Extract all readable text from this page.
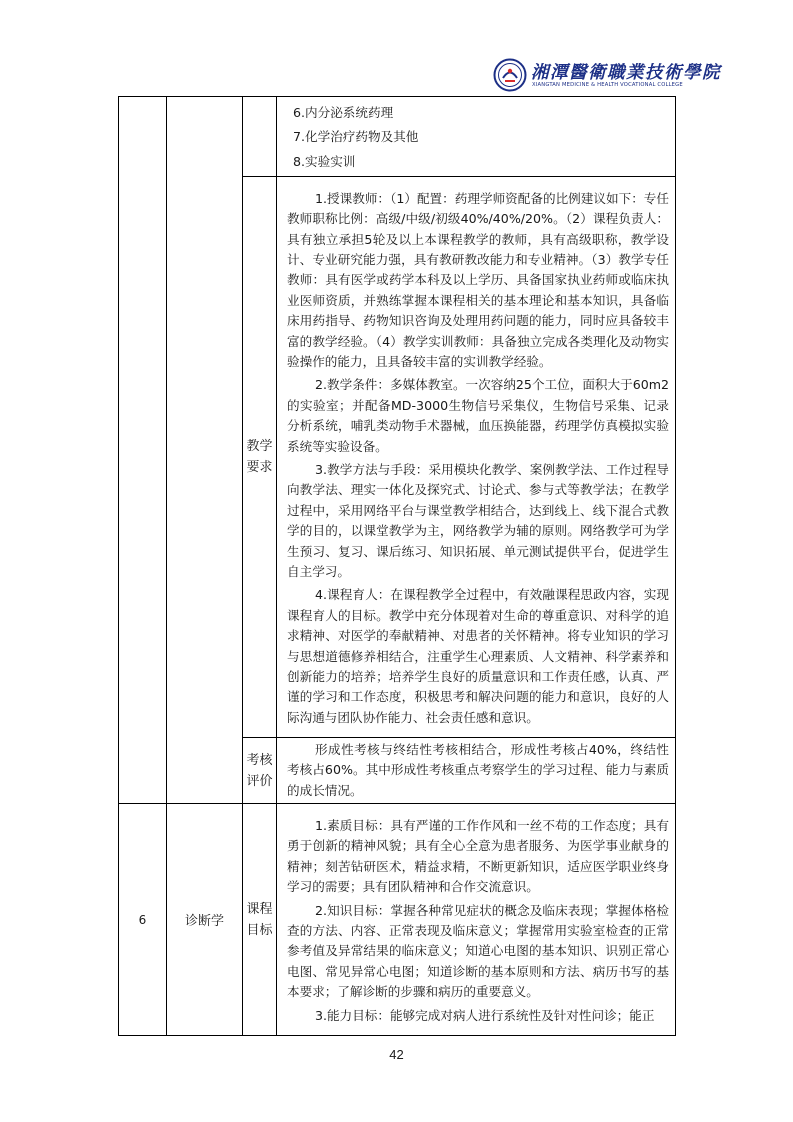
湘潭醫衛職業技術學院
XIANGTAN MEDICINE & HEALTH VOCATIONAL COLLEGE

			6.内分泌系统药理

7.化学治疗药物及其他

8.实验实训

		教学要求	1.授课教师：（1）配置：药理学师资配备的比例建议如下：专任教师职称比例：高级/中级/初级40%/40%/20%。（2）课程负责人：具有独立承担5轮及以上本课程教学的教师，具有高级职称，教学设计、专业研究能力强，具有教研教改能力和专业精神。（3）教学专任教师：具有医学或药学本科及以上学历、具备国家执业药师或临床执业医师资质，并熟练掌握本课程相关的基本理论和基本知识，具备临床用药指导、药物知识咨询及处理用药问题的能力，同时应具备较丰富的教学经验。（4）教学实训教师：具备独立完成各类理化及动物实验操作的能力，且具备较丰富的实训教学经验。

2.教学条件：多媒体教室。一次容纳25个工位，面积大于60m2的实验室；并配备MD-3000生物信号采集仪，生物信号采集、记录分析系统，哺乳类动物手术器械，血压换能器，药理学仿真模拟实验系统等实验设备。

3.教学方法与手段：采用模块化教学、案例教学法、工作过程导向教学法、理实一体化及探究式、讨论式、参与式等教学法；在教学过程中，采用网络平台与课堂教学相结合，达到线上、线下混合式教学的目的，以课堂教学为主，网络教学为辅的原则。网络教学可为学生预习、复习、课后练习、知识拓展、单元测试提供平台，促进学生自主学习。

4.课程育人：在课程教学全过程中，有效融课程思政内容，实现课程育人的目标。教学中充分体现着对生命的尊重意识、对科学的追求精神、对医学的奉献精神、对患者的关怀精神。将专业知识的学习与思想道德修养相结合，注重学生心理素质、人文精神、科学素养和创新能力的培养；培养学生良好的质量意识和工作责任感，认真、严谨的学习和工作态度，积极思考和解决问题的能力和意识，良好的人际沟通与团队协作能力、社会责任感和意识。

		考核评价	形成性考核与终结性考核相结合，形成性考核占40%，终结性考核占60%。其中形成性考核重点考察学生的学习过程、能力与素质的成长情况。

6	诊断学	课程目标	1.素质目标：具有严谨的工作作风和一丝不苟的工作态度；具有勇于创新的精神风貌；具有全心全意为患者服务、为医学事业献身的精神；刻苦钻研医术，精益求精，不断更新知识，适应医学职业终身学习的需要；具有团队精神和合作交流意识。

2.知识目标：掌握各种常见症状的概念及临床表现；掌握体格检查的方法、内容、正常表现及临床意义；掌握常用实验室检查的正常参考值及异常结果的临床意义；知道心电图的基本知识、识别正常心电图、常见异常心电图；知道诊断的基本原则和方法、病历书写的基本要求；了解诊断的步骤和病历的重要意义。

3.能力目标：能够完成对病人进行系统性及针对性问诊；能正

42
